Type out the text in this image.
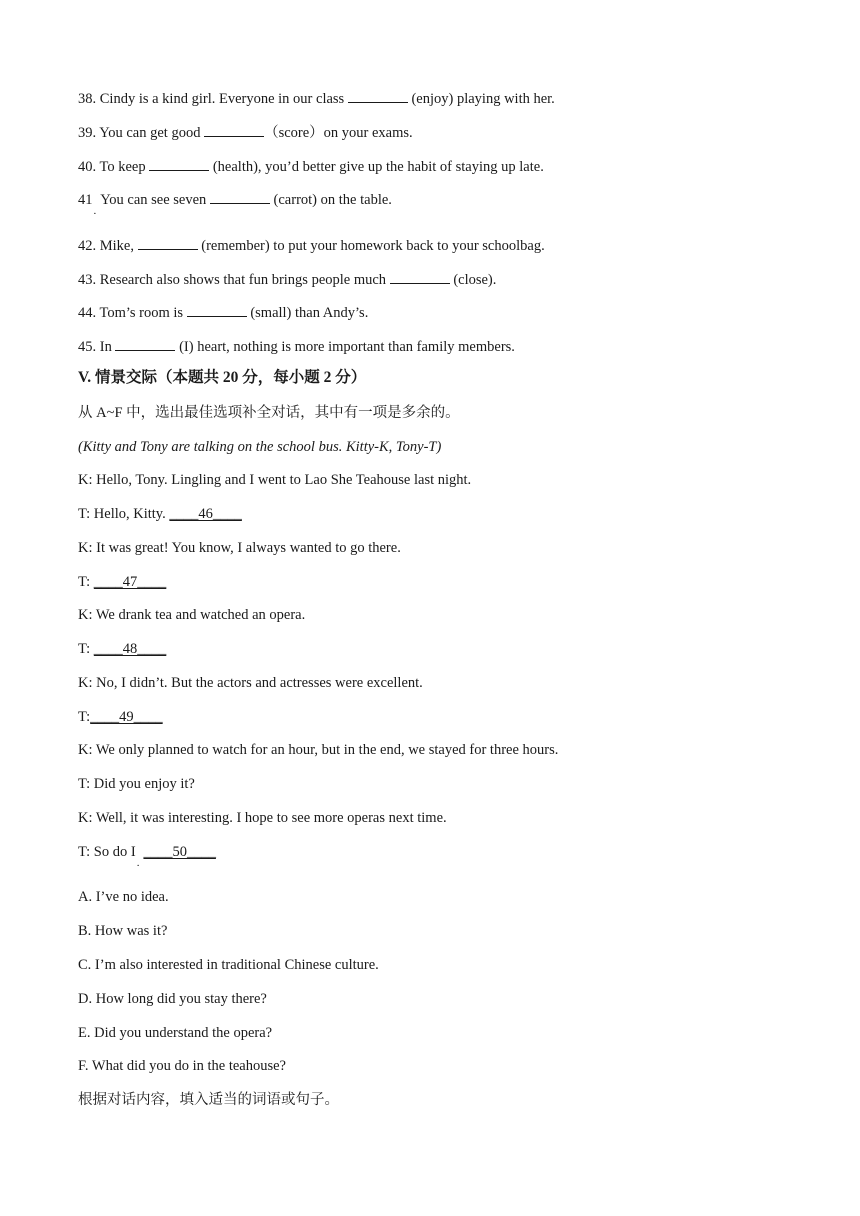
38. Cindy is a kind girl. Everyone in our class	(enjoy) playing with her.
39. You can get good	（score）on your exams.
40. To keep	(health), you’d better give up the habit of staying up late.
$41_.You$ can see seven	(carrot) on the table.
42. Mike,	(remember) to put your homework back to your schoolbag.
43. Research also shows that fun brings people much	(close).
44. Tom’s room is	(small) than Andy’s.
45. In	(I) heart, nothing is more important than family members.
V. 情景交际（本题共 20 分，每小题 2 分）
从 A~F 中，选出最佳选项补全对话，其中有一项是多余的。
(Kitty and Tony are talking on the school bus. Kitty-K, Tony-T)
K: Hello, Tony. Lingling and I went to Lao She Teahouse last night.
T: Hello, Kitty. ____46____
K: It was great! You know, I always wanted to go there.
T: ____47____
K: We drank tea and watched an opera.
T: ____48____
K: No, I didn’t. But the actors and actresses were excellent.
T:____49____
K: We only planned to watch for an hour, but in the end, we stayed for three hours.
T: Did you enjoy it?
K: Well, it was interesting. I hope to see more operas next time.
T: So do $I_.\_\_\_\_50\_\_\_\_$
A. I’ve no idea.
B. How was it?
C. I’m also interested in traditional Chinese culture.
D. How long did you stay there?
E. Did you understand the opera?
F. What did you do in the teahouse?
根据对话内容，填入适当的词语或句子。
